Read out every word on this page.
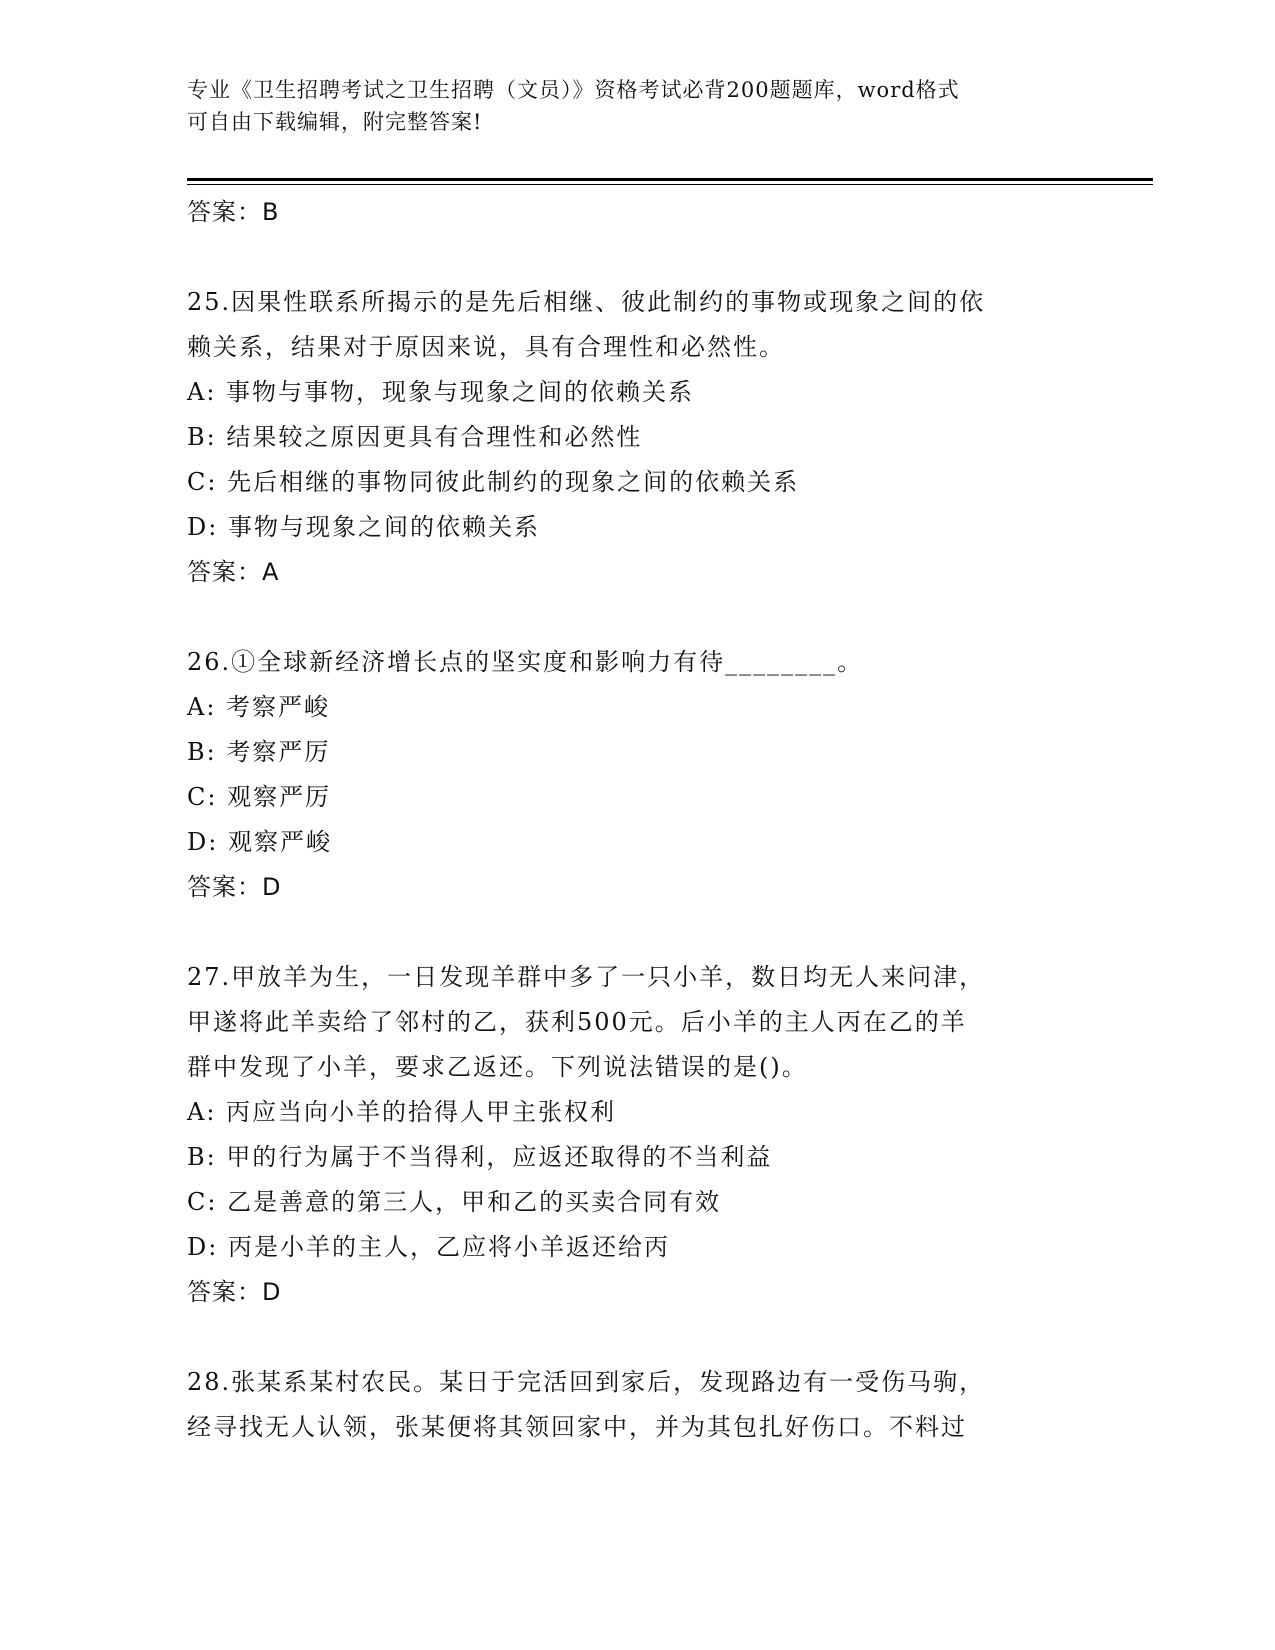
专业《卫生招聘考试之卫生招聘（文员）》资格考试必背200题题库，word格式
可自由下载编辑，附完整答案!
答案：B
25.因果性联系所揭示的是先后相继、彼此制约的事物或现象之间的依
赖关系，结果对于原因来说，具有合理性和必然性。
A: 事物与事物，现象与现象之间的依赖关系
B: 结果较之原因更具有合理性和必然性
C: 先后相继的事物同彼此制约的现象之间的依赖关系
D: 事物与现象之间的依赖关系
答案：A
26.①全球新经济增长点的坚实度和影响力有待________。
A: 考察严峻
B: 考察严厉
C: 观察严厉
D: 观察严峻
答案：D
27.甲放羊为生，一日发现羊群中多了一只小羊，数日均无人来问津，
甲遂将此羊卖给了邻村的乙，获利500元。后小羊的主人丙在乙的羊
群中发现了小羊，要求乙返还。下列说法错误的是()。
A: 丙应当向小羊的拾得人甲主张权利
B: 甲的行为属于不当得利，应返还取得的不当利益
C: 乙是善意的第三人，甲和乙的买卖合同有效
D: 丙是小羊的主人，乙应将小羊返还给丙
答案：D
28.张某系某村农民。某日于完活回到家后，发现路边有一受伤马驹，
经寻找无人认领，张某便将其领回家中，并为其包扎好伤口。不料过
